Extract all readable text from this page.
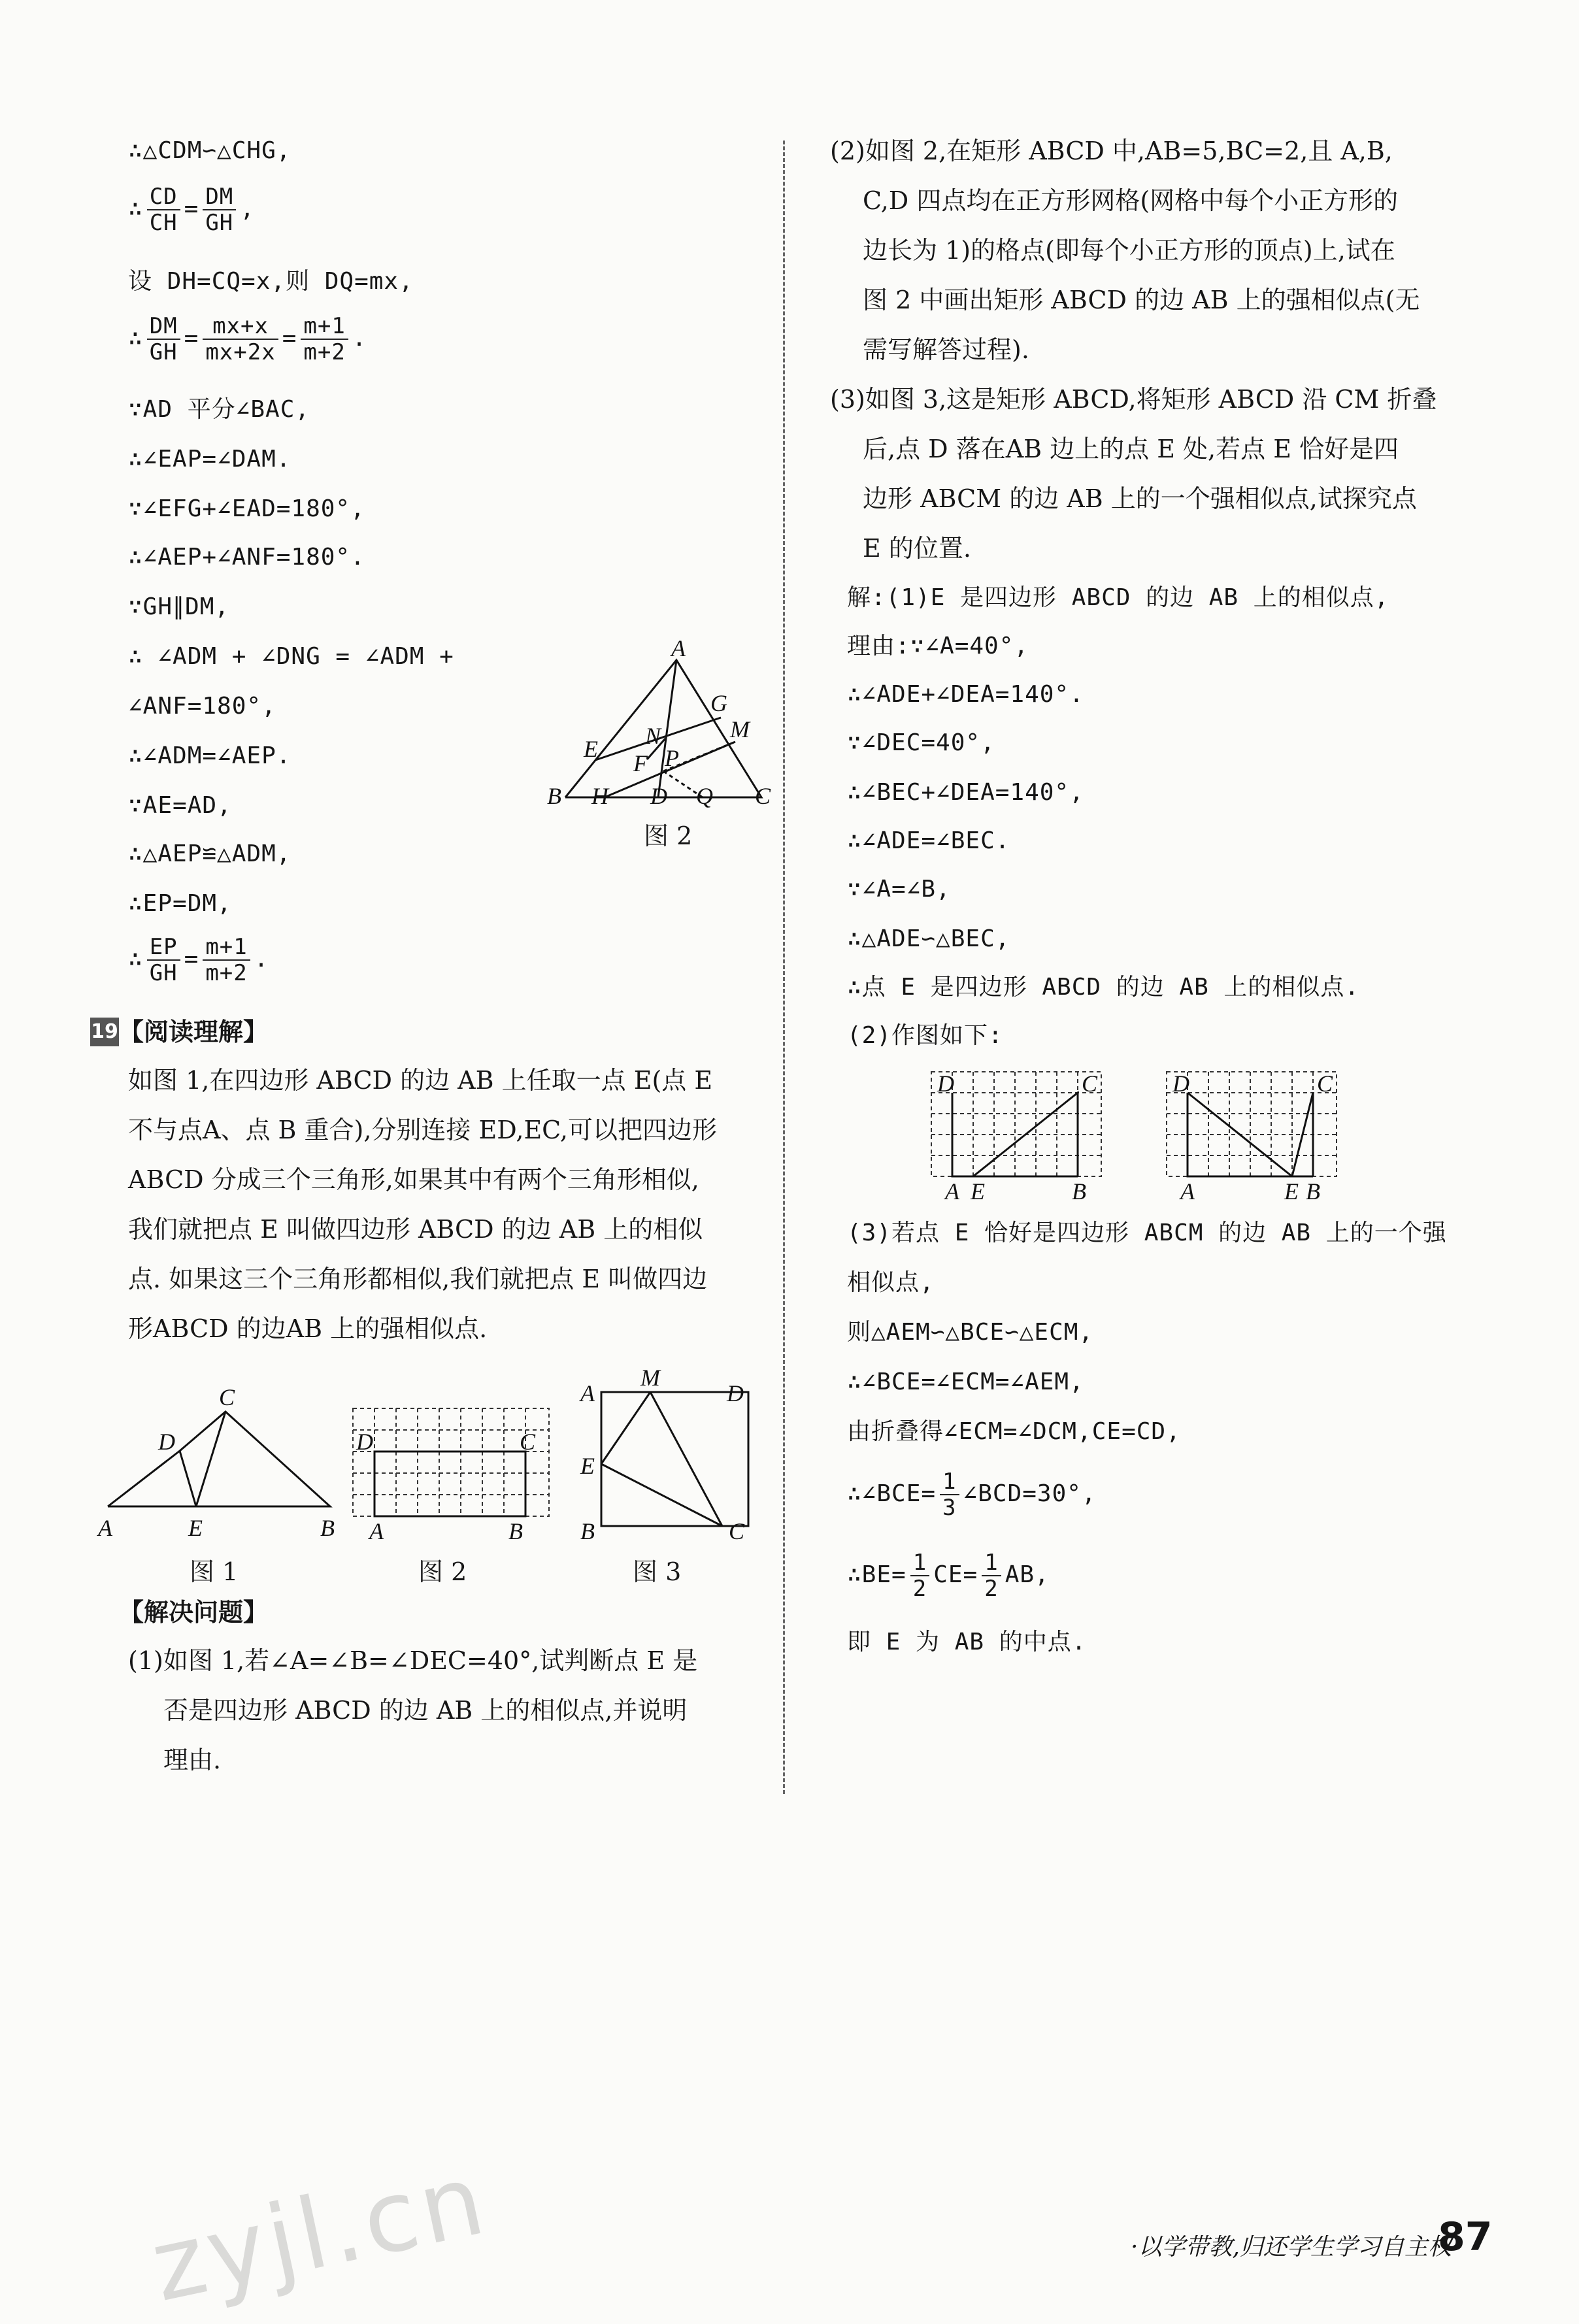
∴△CDM∽△CHG,
∴ $\frac{CD}{CH} = \frac{DM}{GH}$ ,
设 DH=CQ=x,则 DQ=mx,
∴ $\frac{DM}{GH} = \frac{mx+x}{mx+2x} = \frac{m+1}{m+2}$ .
∵AD 平分∠BAC,
∴∠EAP=∠DAM.
∵∠EFG+∠EAD=180°,
∴∠AEP+∠ANF=180°.
∵GH∥DM,
∴ ∠ADM + ∠DNG = ∠ADM +
∠ANF=180°,
∴∠ADM=∠AEP.
∵AE=AD,
∴△AEP≌△ADM,
∴EP=DM,
∴ $\frac{EP}{GH} = \frac{m+1}{m+2}$ .
A
B	C
D
E
F
G
H
M
N
P
Q
图 2
19 【阅读理解】
如图 1,在四边形 ABCD 的边 AB 上任取一点 E(点 E
不与点A、点 B 重合),分别连接 ED,EC,可以把四边形
ABCD 分成三个三角形,如果其中有两个三角形相似,
我们就把点 E 叫做四边形 ABCD 的边 AB 上的相似
点. 如果这三个三角形都相似,我们就把点 E 叫做四边
形ABCD 的边AB 上的强相似点.
A	B
C
D
E
图 1
D	C
A	B
图 2
A
M
D
E
B	C
图 3
【解决问题】
(1)如图 1,若∠A=∠B=∠DEC=40°,试判断点 E 是
否是四边形 ABCD 的边 AB 上的相似点,并说明
理由.
(2)如图 2,在矩形 ABCD 中,AB=5,BC=2,且 A,B,
C,D 四点均在正方形网格(网格中每个小正方形的
边长为 1)的格点(即每个小正方形的顶点)上,试在
图 2 中画出矩形 ABCD 的边 AB 上的强相似点(无
需写解答过程).
(3)如图 3,这是矩形 ABCD,将矩形 ABCD 沿 CM 折叠
后,点 D 落在AB 边上的点 E 处,若点 E 恰好是四
边形 ABCM 的边 AB 上的一个强相似点,试探究点
E 的位置.
解:(1)E 是四边形 ABCD 的边 AB 上的相似点,
理由:∵∠A=40°,
∴∠ADE+∠DEA=140°.
∵∠DEC=40°,
∴∠BEC+∠DEA=140°,
∴∠ADE=∠BEC.
∵∠A=∠B,
∴△ADE∽△BEC,
∴点 E 是四边形 ABCD 的边 AB 上的相似点.
(2)作图如下:
D	C
A E	B
D	C
A	E B
(3)若点 E 恰好是四边形 ABCM 的边 AB 上的一个强
相似点,
则△AEM∽△BCE∽△ECM,
∴∠BCE=∠ECM=∠AEM,
由折叠得∠ECM=∠DCM,CE=CD,
∴∠BCE= $\frac{1}{3}$ ∠BCD=30°,
∴BE= $\frac{1}{2} CE= \frac{1}{2}$ AB,
即 E 为 AB 的中点.
zyjl.cn	·以学带教,归还学生学习自主权·
87
